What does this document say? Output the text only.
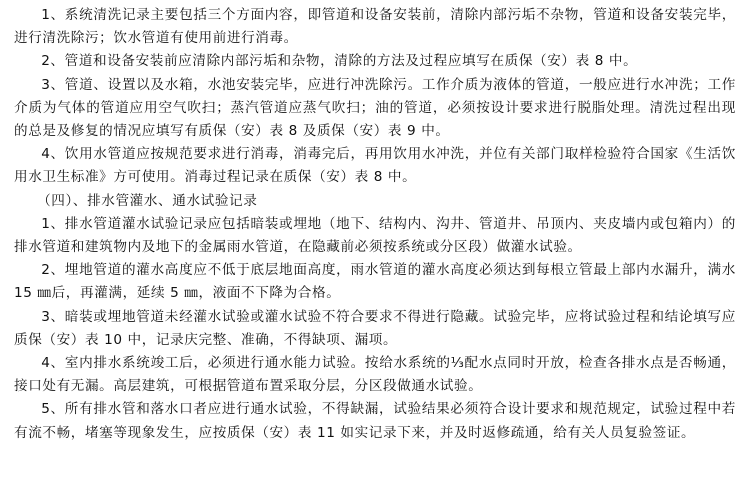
1、系统清洗记录主要包括三个方面内容，即管道和设备安装前，清除内部污垢不杂物，管道和设备安装完毕，进行清洗除污；饮水管道有使用前进行消毒。

2、管道和设备安装前应清除内部污垢和杂物，清除的方法及过程应填写在质保（安）表 8 中。

3、管道、设置以及水箱，水池安装完毕，应进行冲洗除污。工作介质为液体的管道，一般应进行水冲洗；工作介质为气体的管道应用空气吹扫；蒸汽管道应蒸气吹扫；油的管道，必须按设计要求进行脱脂处理。清洗过程出现的总是及修复的情况应填写有质保（安）表 8 及质保（安）表 9 中。

4、饮用水管道应按规范要求进行消毒，消毒完后，再用饮用水冲洗，并位有关部门取样检验符合国家《生活饮用水卫生标准》方可使用。消毒过程记录在质保（安）表 8 中。

（四）、排水管灌水、通水试验记录

1、排水管道灌水试验记录应包括暗装或埋地（地下、结构内、沟井、管道井、吊顶内、夹皮墙内或包箱内）的排水管道和建筑物内及地下的金属雨水管道，在隐藏前必须按系统或分区段）做灌水试验。

2、埋地管道的灌水高度应不低于底层地面高度，雨水管道的灌水高度必须达到每根立管最上部内水漏升，满水 15 ㎜后，再灌满，延续 5 ㎜，液面不下降为合格。

3、暗装或埋地管道未经灌水试验或灌水试验不符合要求不得进行隐藏。试验完毕，应将试验过程和结论填写应质保（安）表 10 中，记录庆完整、准确，不得缺项、漏项。

4、室内排水系统竣工后，必须进行通水能力试验。按给水系统的⅓配水点同时开放，检查各排水点是否畅通，接口处有无漏。高层建筑，可根据管道布置采取分层，分区段做通水试验。

5、所有排水管和落水口者应进行通水试验，不得缺漏，试验结果必须符合设计要求和规范规定，试验过程中若有流不畅，堵塞等现象发生，应按质保（安）表 11 如实记录下来，并及时返修疏通，给有关人员复验签证。
